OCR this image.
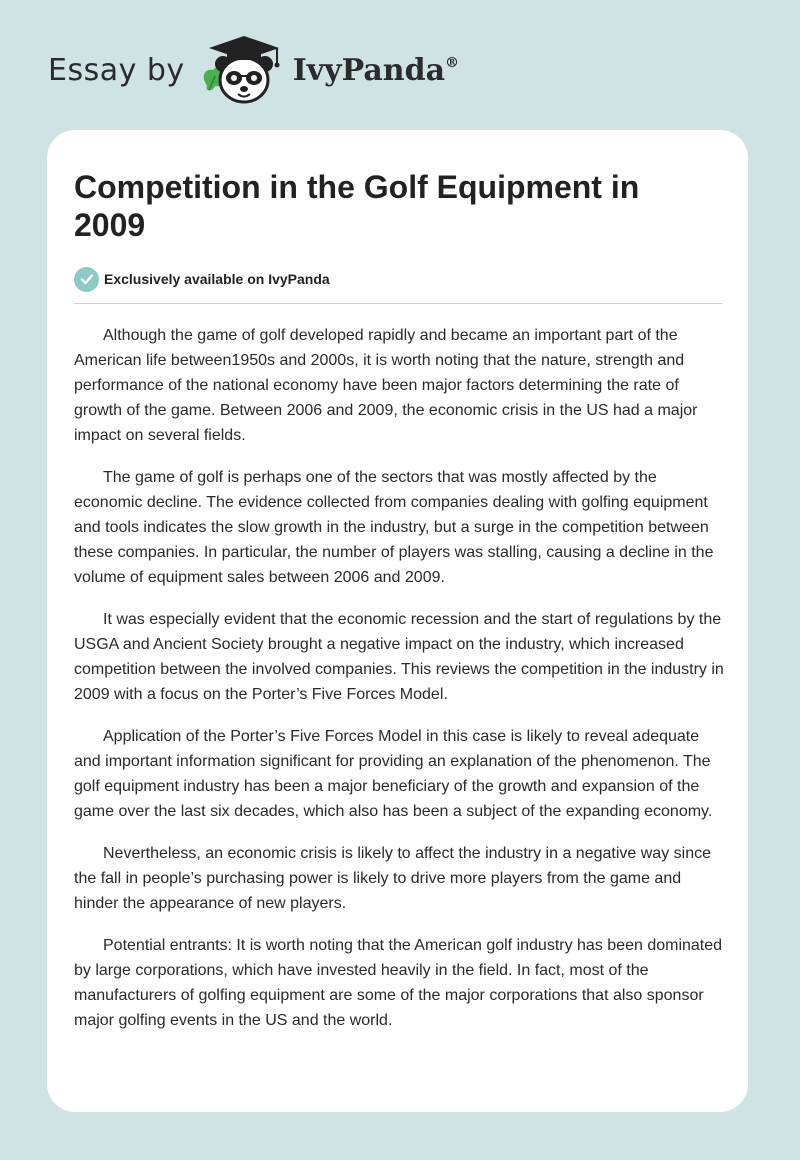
Essay by	IvyPanda®
Competition in the Golf Equipment in 2009
Exclusively available on IvyPanda

Although the game of golf developed rapidly and became an important part of the American life between1950s and 2000s, it is worth noting that the nature, strength and performance of the national economy have been major factors determining the rate of growth of the game. Between 2006 and 2009, the economic crisis in the US had a major impact on several fields.

The game of golf is perhaps one of the sectors that was mostly affected by the economic decline. The evidence collected from companies dealing with golfing equipment and tools indicates the slow growth in the industry, but a surge in the competition between these companies. In particular, the number of players was stalling, causing a decline in the volume of equipment sales between 2006 and 2009.

It was especially evident that the economic recession and the start of regulations by the USGA and Ancient Society brought a negative impact on the industry, which increased competition between the involved companies. This reviews the competition in the industry in 2009 with a focus on the Porter’s Five Forces Model.

Application of the Porter’s Five Forces Model in this case is likely to reveal adequate and important information significant for providing an explanation of the phenomenon. The golf equipment industry has been a major beneficiary of the growth and expansion of the game over the last six decades, which also has been a subject of the expanding economy.

Nevertheless, an economic crisis is likely to affect the industry in a negative way since the fall in people’s purchasing power is likely to drive more players from the game and hinder the appearance of new players.

Potential entrants: It is worth noting that the American golf industry has been dominated by large corporations, which have invested heavily in the field. In fact, most of the manufacturers of golfing equipment are some of the major corporations that also sponsor major golfing events in the US and the world.
